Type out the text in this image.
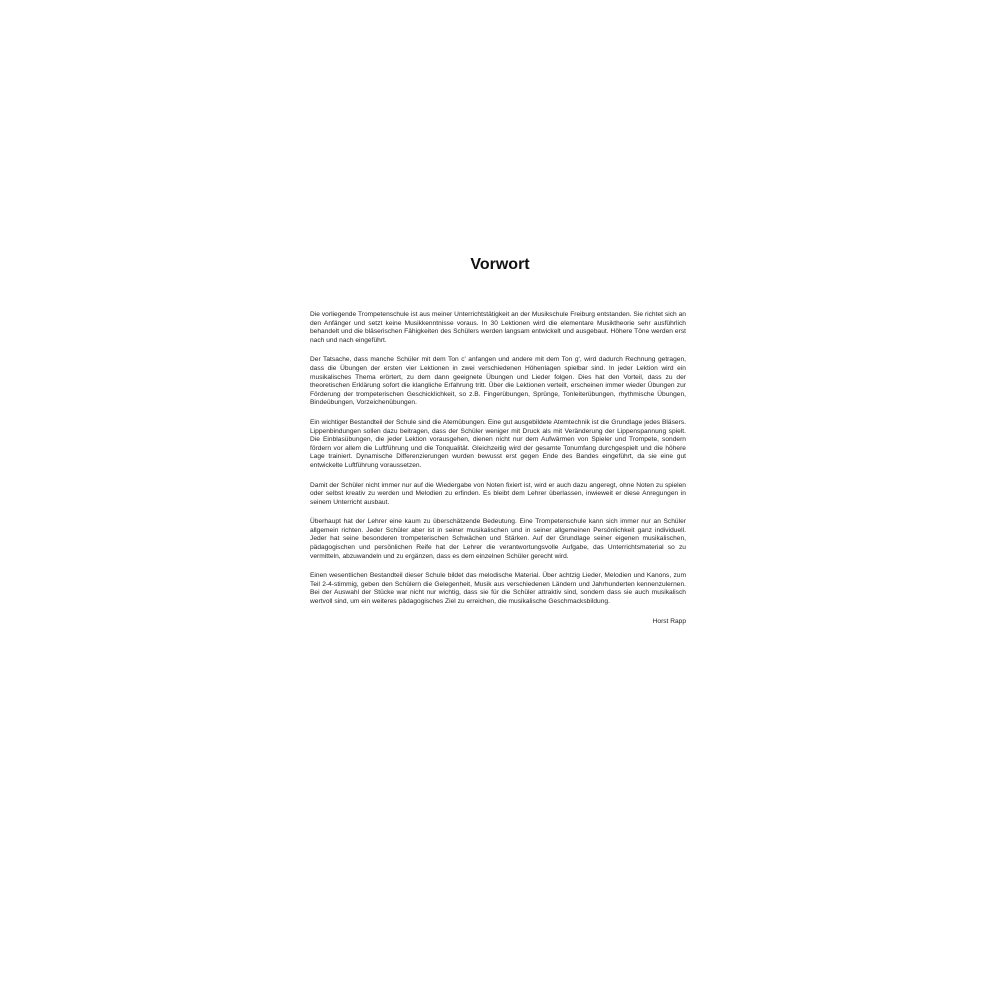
Vorwort

Die vorliegende Trompetenschule ist aus meiner Unterrichtstätigkeit an der Musikschule Freiburg entstanden. Sie richtet sich an den Anfänger und setzt keine Musikkenntnisse voraus. In 30 Lektionen wird die elementare Musiktheorie sehr ausführlich behandelt und die bläserischen Fähigkeiten des Schülers werden langsam entwickelt und ausgebaut. Höhere Töne werden erst nach und nach eingeführt.

Der Tatsache, dass manche Schüler mit dem Ton c' anfangen und andere mit dem Ton g', wird dadurch Rechnung getragen, dass die Übungen der ersten vier Lektionen in zwei verschiedenen Höhenlagen spielbar sind. In jeder Lektion wird ein musikalisches Thema erörtert, zu dem dann geeignete Übungen und Lieder folgen. Dies hat den Vorteil, dass zu der theoretischen Erklärung sofort die klangliche Erfahrung tritt. Über die Lektionen verteilt, erscheinen immer wieder Übungen zur Förderung der trompeterischen Geschicklichkeit, so z.B. Fingerübungen, Sprünge, Tonleiterübungen, rhythmische Übungen, Bindeübungen, Vorzeichenübungen.

Ein wichtiger Bestandteil der Schule sind die Atemübungen. Eine gut ausgebildete Atemtechnik ist die Grundlage jedes Bläsers. Lippenbindungen sollen dazu beitragen, dass der Schüler weniger mit Druck als mit Veränderung der Lippenspannung spielt. Die Einblasübungen, die jeder Lektion vorausgehen, dienen nicht nur dem Aufwärmen von Spieler und Trompete, sondern fördern vor allem die Luftführung und die Tonqualität. Gleichzeitig wird der gesamte Tonumfang durchgespielt und die höhere Lage trainiert. Dynamische Differenzierungen wurden bewusst erst gegen Ende des Bandes eingeführt, da sie eine gut entwickelte Luftführung voraussetzen.

Damit der Schüler nicht immer nur auf die Wiedergabe von Noten fixiert ist, wird er auch dazu angeregt, ohne Noten zu spielen oder selbst kreativ zu werden und Melodien zu erfinden. Es bleibt dem Lehrer überlassen, inwieweit er diese Anregungen in seinem Unterricht ausbaut.

Überhaupt hat der Lehrer eine kaum zu überschätzende Bedeutung. Eine Trompetenschule kann sich immer nur an Schüler allgemein richten. Jeder Schüler aber ist in seiner musikalischen und in seiner allgemeinen Persönlichkeit ganz individuell. Jeder hat seine besonderen trompeterischen Schwächen und Stärken. Auf der Grundlage seiner eigenen musikalischen, pädagogischen und persönlichen Reife hat der Lehrer die verantwortungsvolle Aufgabe, das Unterrichtsmaterial so zu vermitteln, abzuwandeln und zu ergänzen, dass es dem einzelnen Schüler gerecht wird.

Einen wesentlichen Bestandteil dieser Schule bildet das melodische Material. Über achtzig Lieder, Melodien und Kanons, zum Teil 2-4-stimmig, geben den Schülern die Gelegenheit, Musik aus verschiedenen Ländern und Jahrhunderten kennenzulernen. Bei der Auswahl der Stücke war nicht nur wichtig, dass sie für die Schüler attraktiv sind, sondern dass sie auch musikalisch wertvoll sind, um ein weiteres pädagogisches Ziel zu erreichen, die musikalische Geschmacksbildung.

Horst Rapp
